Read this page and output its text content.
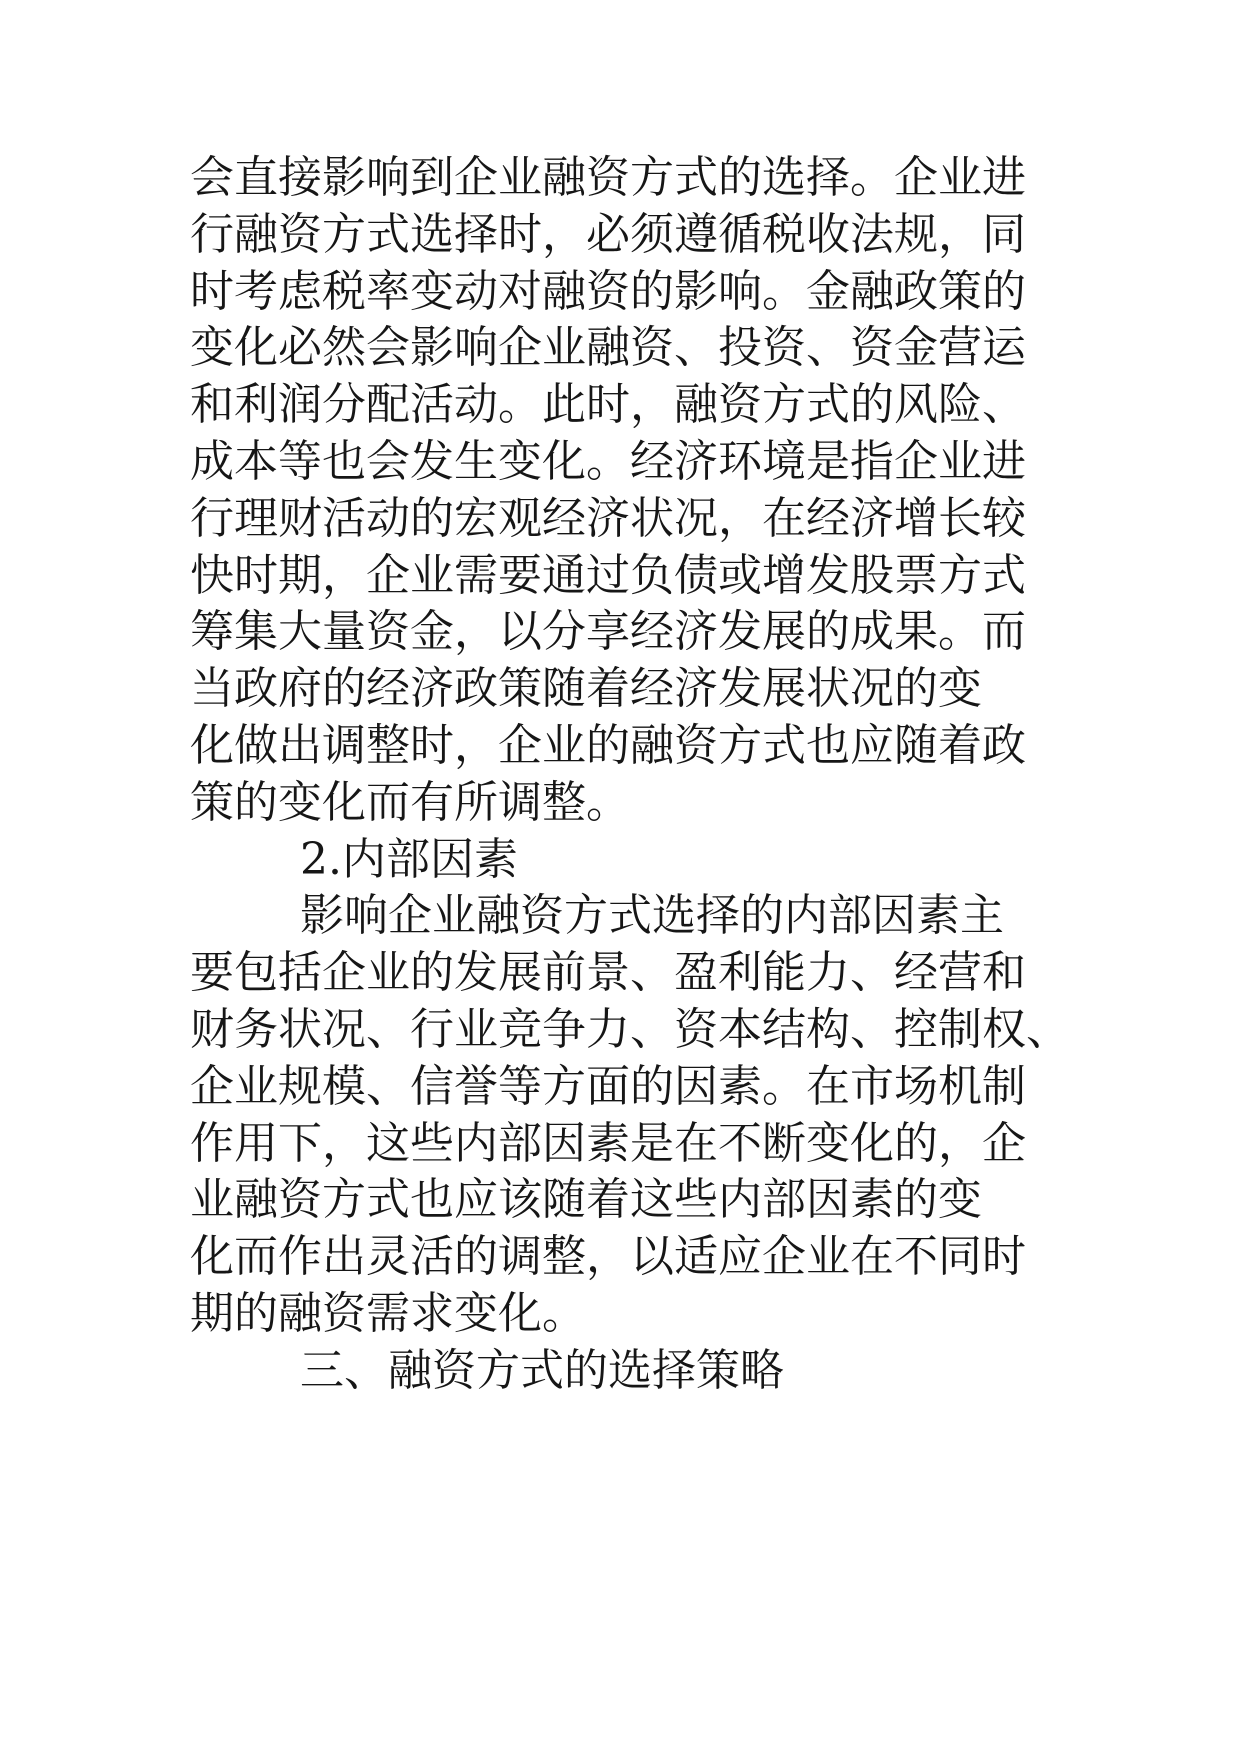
会直接影响到企业融资方式的选择。企业进
行融资方式选择时，必须遵循税收法规，同
时考虑税率变动对融资的影响。金融政策的
变化必然会影响企业融资、投资、资金营运
和利润分配活动。此时，融资方式的风险、
成本等也会发生变化。经济环境是指企业进
行理财活动的宏观经济状况，在经济增长较
快时期，企业需要通过负债或增发股票方式
筹集大量资金，以分享经济发展的成果。而
当政府的经济政策随着经济发展状况的变
化做出调整时，企业的融资方式也应随着政
策的变化而有所调整。
2.内部因素
影响企业融资方式选择的内部因素主
要包括企业的发展前景、盈利能力、经营和
财务状况、行业竞争力、资本结构、控制权、
企业规模、信誉等方面的因素。在市场机制
作用下，这些内部因素是在不断变化的，企
业融资方式也应该随着这些内部因素的变
化而作出灵活的调整，以适应企业在不同时
期的融资需求变化。
三、融资方式的选择策略
